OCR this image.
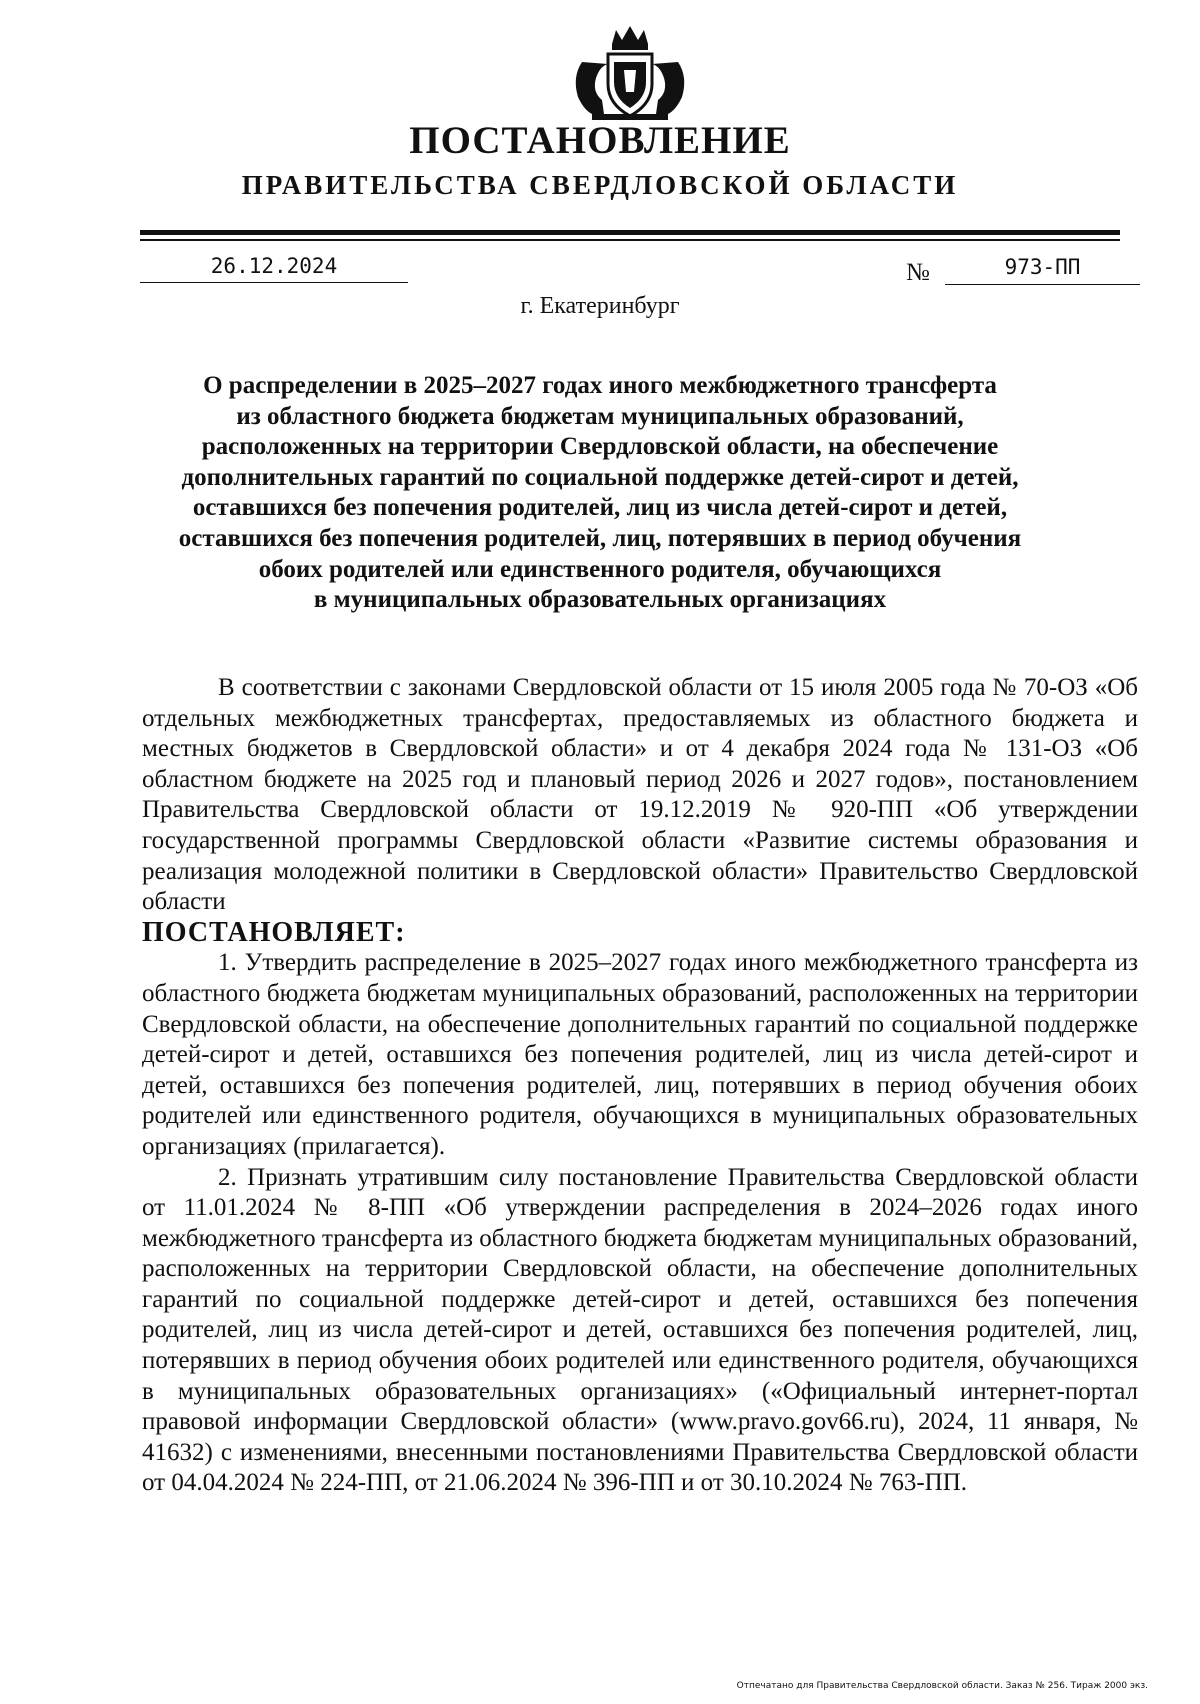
ПОСТАНОВЛЕНИЕ
ПРАВИТЕЛЬСТВА СВЕРДЛОВСКОЙ ОБЛАСТИ
26.12.2024	№	973-ПП
г. Екатеринбург
О распределении в 2025–2027 годах иного межбюджетного трансферта
из областного бюджета бюджетам муниципальных образований,
расположенных на территории Свердловской области, на обеспечение
дополнительных гарантий по социальной поддержке детей-сирот и детей,
оставшихся без попечения родителей, лиц из числа детей-сирот и детей,
оставшихся без попечения родителей, лиц, потерявших в период обучения
обоих родителей или единственного родителя, обучающихся
в муниципальных образовательных организациях

В соответствии с законами Свердловской области от 15 июля 2005 года № 70-ОЗ «Об отдельных межбюджетных трансфертах, предоставляемых из областного бюджета и местных бюджетов в Свердловской области» и от 4 декабря 2024 года № 131-ОЗ «Об областном бюджете на 2025 год и плановый период 2026 и 2027 годов», постановлением Правительства Свердловской области от 19.12.2019 № 920-ПП «Об утверждении государственной программы Свердловской области «Развитие системы образования и реализация молодежной политики в Свердловской области» Правительство Свердловской области

ПОСТАНОВЛЯЕТ:

1. Утвердить распределение в 2025–2027 годах иного межбюджетного трансферта из областного бюджета бюджетам муниципальных образований, расположенных на территории Свердловской области, на обеспечение дополнительных гарантий по социальной поддержке детей-сирот и детей, оставшихся без попечения родителей, лиц из числа детей-сирот и детей, оставшихся без попечения родителей, лиц, потерявших в период обучения обоих родителей или единственного родителя, обучающихся в муниципальных образовательных организациях (прилагается).

2. Признать утратившим силу постановление Правительства Свердловской области от 11.01.2024 № 8-ПП «Об утверждении распределения в 2024–2026 годах иного межбюджетного трансферта из областного бюджета бюджетам муниципальных образований, расположенных на территории Свердловской области, на обеспечение дополнительных гарантий по социальной поддержке детей-сирот и детей, оставшихся без попечения родителей, лиц из числа детей-сирот и детей, оставшихся без попечения родителей, лиц, потерявших в период обучения обоих родителей или единственного родителя, обучающихся в муниципальных образовательных организациях» («Официальный интернет-портал правовой информации Свердловской области» (www.pravo.gov66.ru), 2024, 11 января, № 41632) с изменениями, внесенными постановлениями Правительства Свердловской области от 04.04.2024 № 224-ПП, от 21.06.2024 № 396-ПП и от 30.10.2024 № 763-ПП.

Отпечатано для Правительства Свердловской области. Заказ № 256. Тираж 2000 экз.
